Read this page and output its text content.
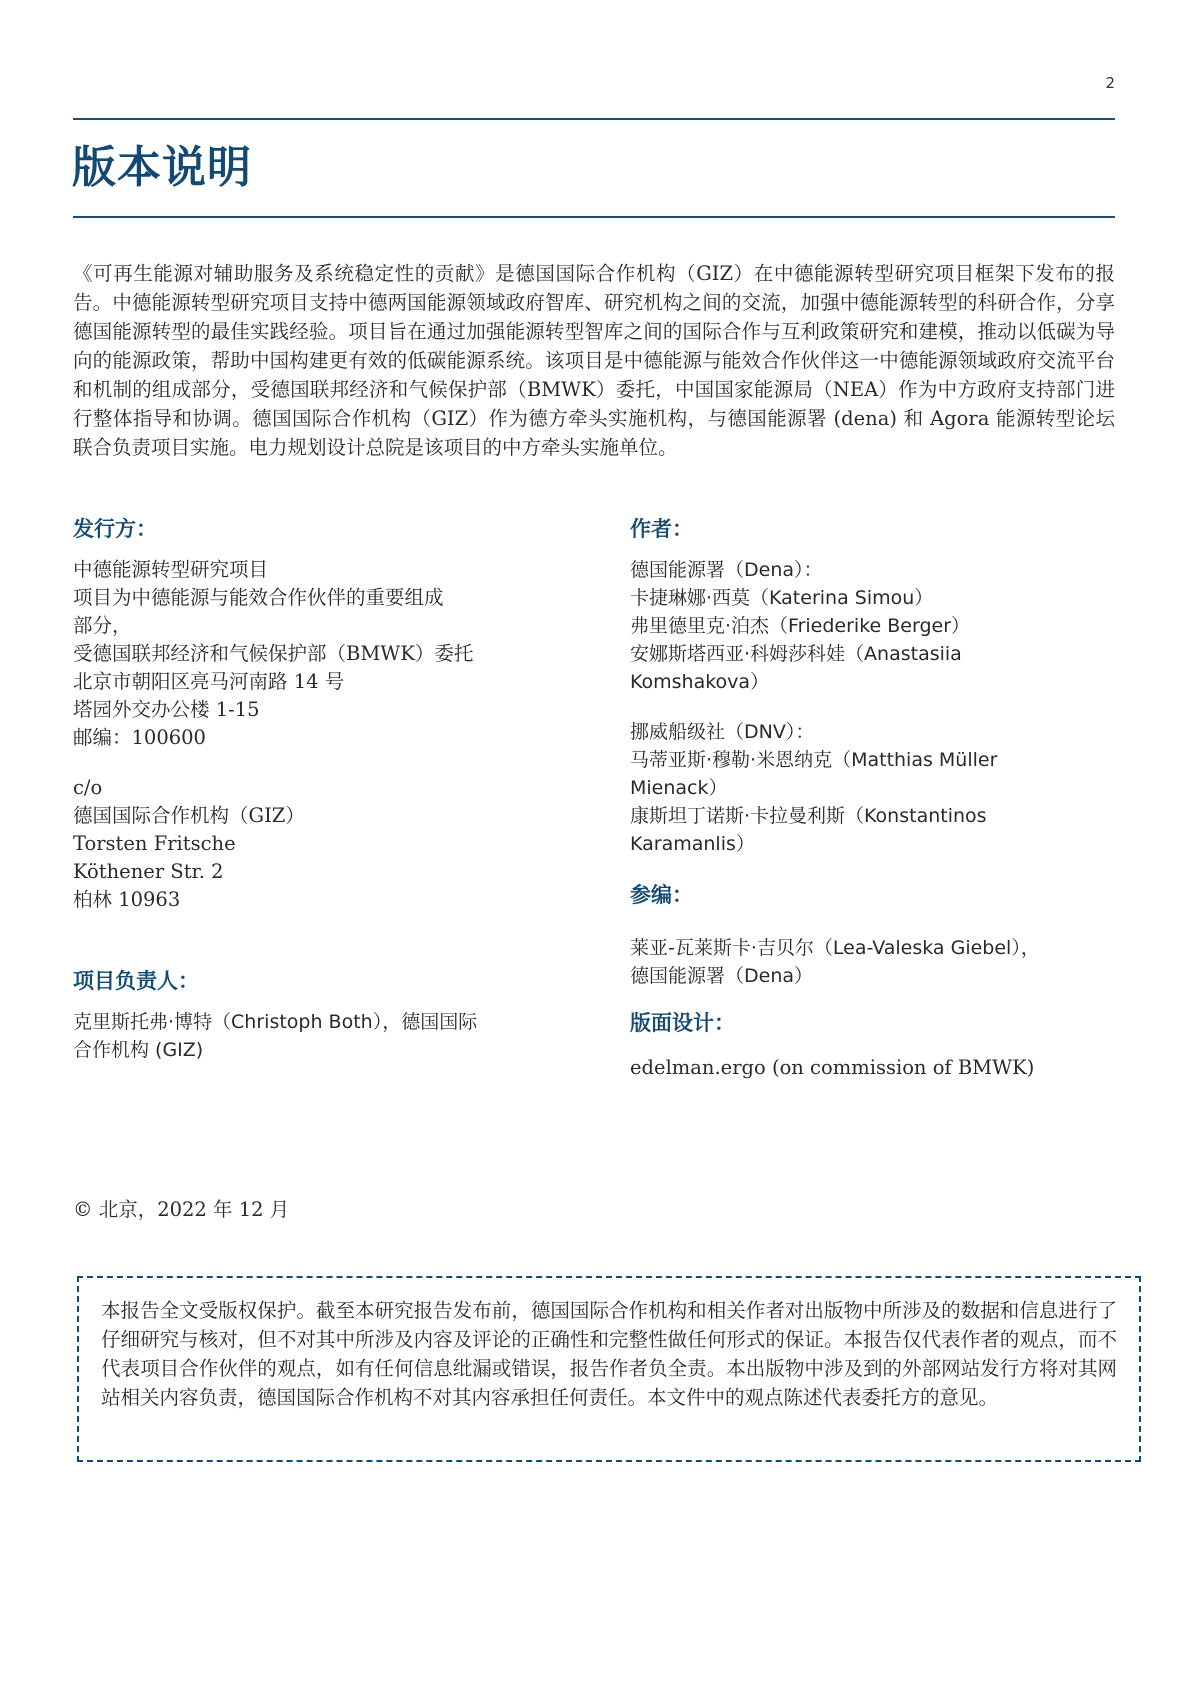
2
版本说明

《可再生能源对辅助服务及系统稳定性的贡献》是德国国际合作机构（GIZ）在中德能源转型研究项目框架下发布的报告。中德能源转型研究项目支持中德两国能源领域政府智库、研究机构之间的交流，加强中德能源转型的科研合作，分享德国能源转型的最佳实践经验。项目旨在通过加强能源转型智库之间的国际合作与互利政策研究和建模，推动以低碳为导向的能源政策，帮助中国构建更有效的低碳能源系统。该项目是中德能源与能效合作伙伴这一中德能源领域政府交流平台和机制的组成部分，受德国联邦经济和气候保护部（BMWK）委托，中国国家能源局（NEA）作为中方政府支持部门进行整体指导和协调。德国国际合作机构（GIZ）作为德方牵头实施机构，与德国能源署 (dena) 和 Agora 能源转型论坛联合负责项目实施。电力规划设计总院是该项目的中方牵头实施单位。

发行方：

中德能源转型研究项目
项目为中德能源与能效合作伙伴的重要组成
部分，
受德国联邦经济和气候保护部（BMWK）委托
北京市朝阳区亮马河南路 14 号
塔园外交办公楼 1-15
邮编：100600

c/o
德国国际合作机构（GIZ）
Torsten Fritsche
Köthener Str. 2
柏林 10963

项目负责人：

克里斯托弗·博特（Christoph Both），德国国际
合作机构 (GIZ)

作者：

德国能源署（Dena）：
卡捷琳娜·西莫（Katerina Simou）
弗里德里克·泊杰（Friederike Berger）
安娜斯塔西亚·科姆莎科娃（Anastasiia
Komshakova）

挪威船级社（DNV）：
马蒂亚斯·穆勒·米恩纳克（Matthias Müller
Mienack）
康斯坦丁诺斯·卡拉曼利斯（Konstantinos
Karamanlis）

参编：

莱亚-瓦莱斯卡·吉贝尔（Lea-Valeska Giebel），
德国能源署（Dena）

版面设计：

edelman.ergo (on commission of BMWK)

© 北京，2022 年 12 月

本报告全文受版权保护。截至本研究报告发布前，德国国际合作机构和相关作者对出版物中所涉及的数据和信息进行了仔细研究与核对，但不对其中所涉及内容及评论的正确性和完整性做任何形式的保证。本报告仅代表作者的观点，而不代表项目合作伙伴的观点，如有任何信息纰漏或错误，报告作者负全责。本出版物中涉及到的外部网站发行方将对其网站相关内容负责，德国国际合作机构不对其内容承担任何责任。本文件中的观点陈述代表委托方的意见。
